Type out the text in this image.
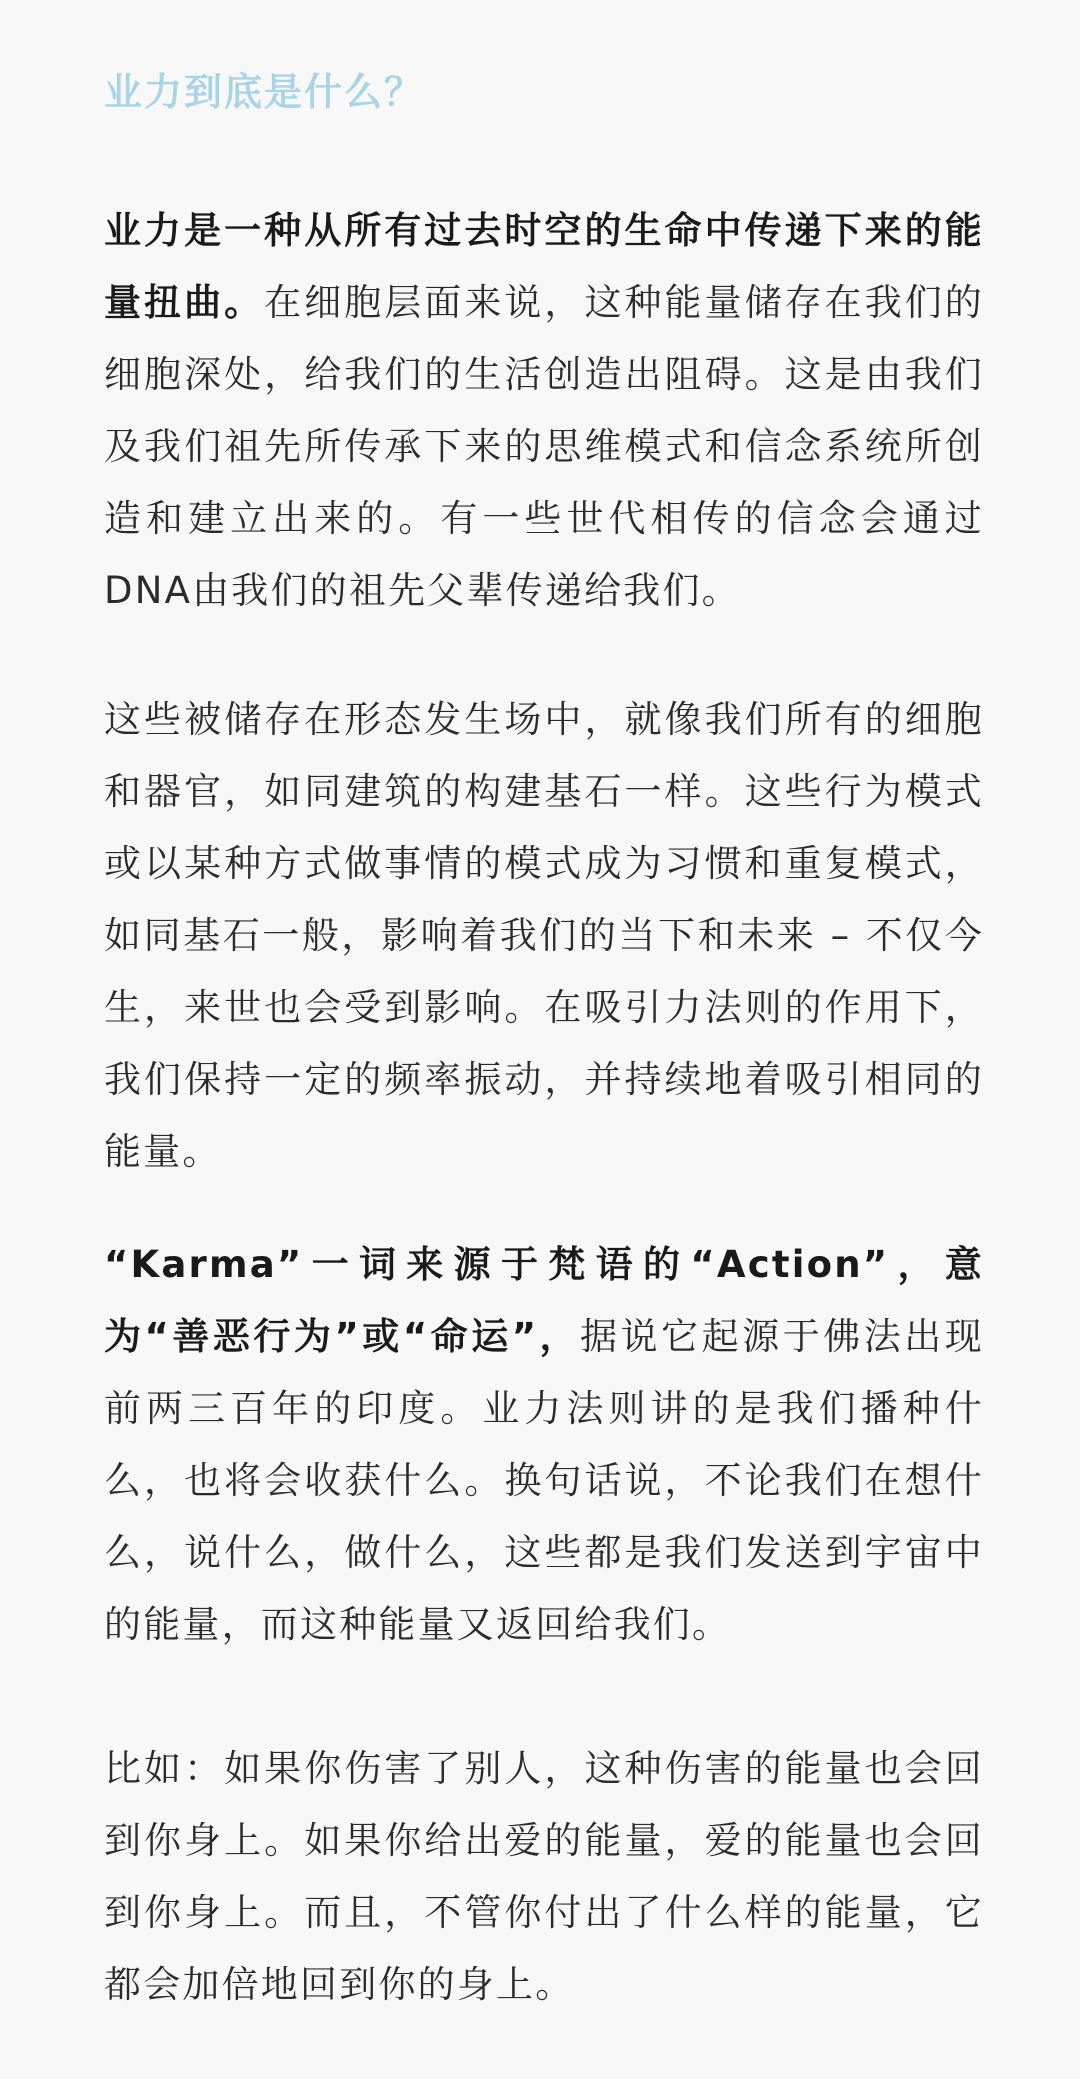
业力到底是什么？

业力是一种从所有过去时空的生命中传递下来的能量扭曲。在细胞层面来说，这种能量储存在我们的细胞深处，给我们的生活创造出阻碍。这是由我们及我们祖先所传承下来的思维模式和信念系统所创造和建立出来的。有一些世代相传的信念会通过DNA由我们的祖先父辈传递给我们。

这些被储存在形态发生场中，就像我们所有的细胞和器官，如同建筑的构建基石一样。这些行为模式或以某种方式做事情的模式成为习惯和重复模式，如同基石一般，影响着我们的当下和未来 – 不仅今生，来世也会受到影响。在吸引力法则的作用下，我们保持一定的频率振动，并持续地着吸引相同的能量。

“Karma”一词来源于梵语的“Action”，意为“善恶行为”或“命运”，据说它起源于佛法出现前两三百年的印度。业力法则讲的是我们播种什么，也将会收获什么。换句话说，不论我们在想什么，说什么，做什么，这些都是我们发送到宇宙中的能量，而这种能量又返回给我们。

比如：如果你伤害了别人，这种伤害的能量也会回到你身上。如果你给出爱的能量，爱的能量也会回到你身上。而且，不管你付出了什么样的能量，它都会加倍地回到你的身上。
